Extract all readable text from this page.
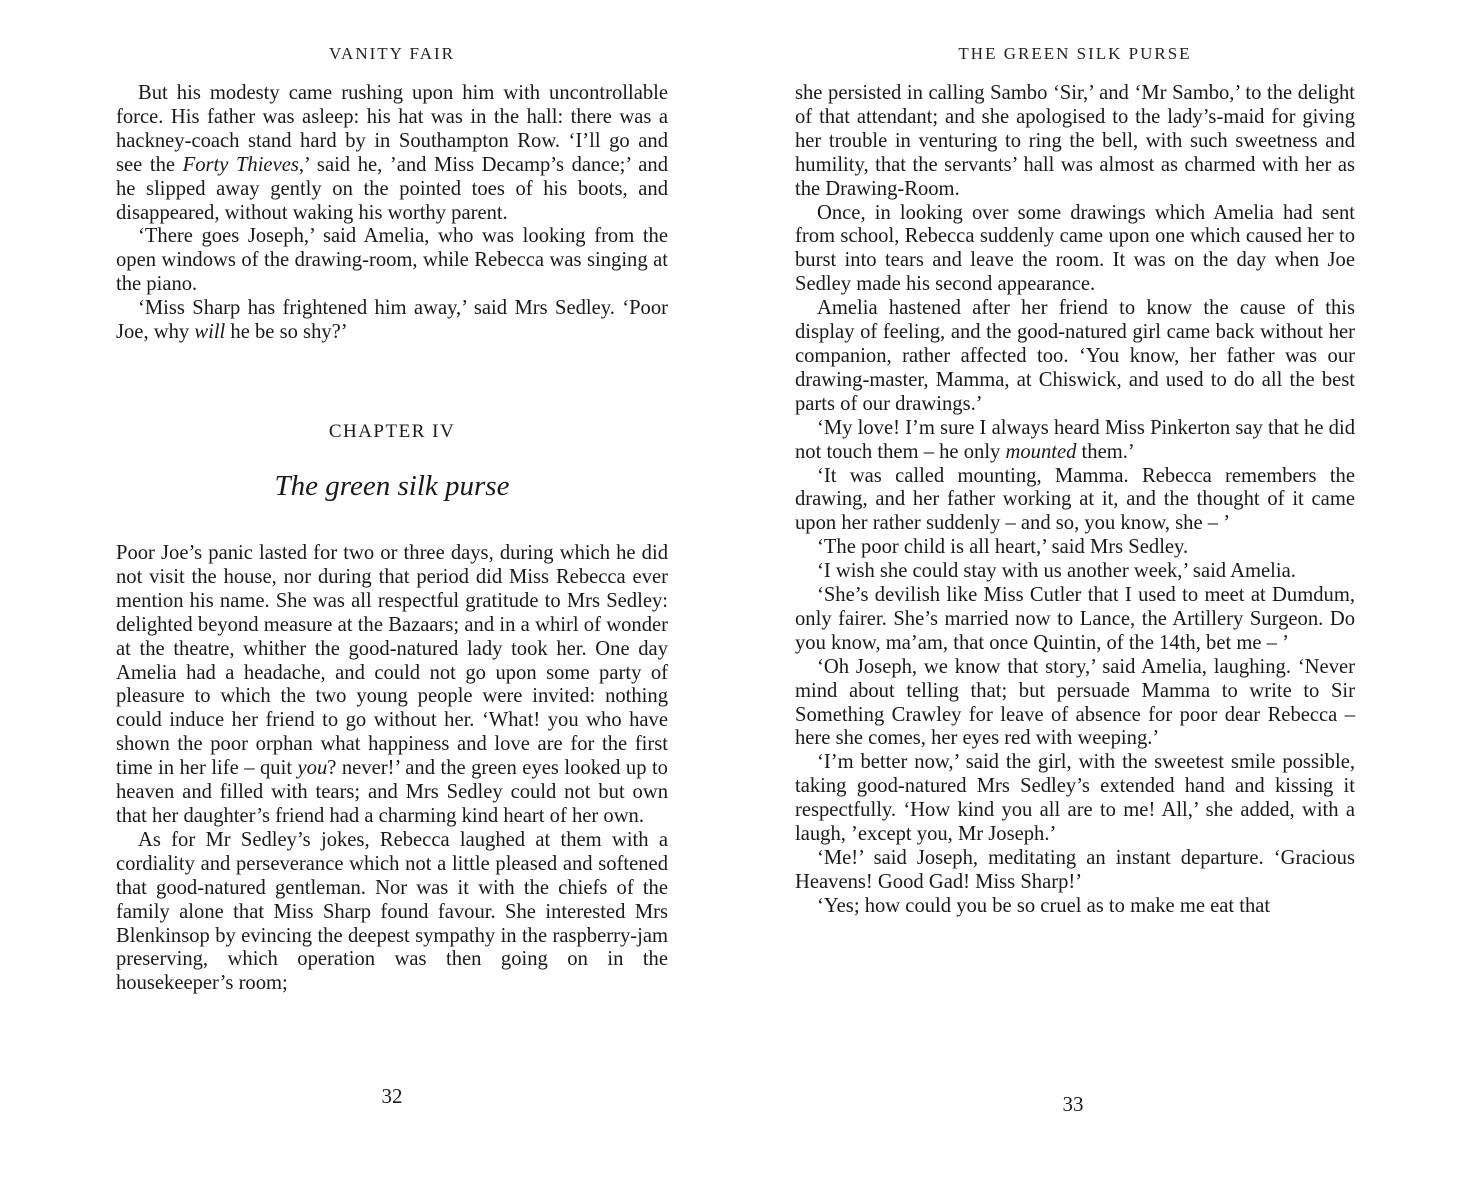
VANITY FAIR

But his modesty came rushing upon him with uncontrollable force. His father was asleep: his hat was in the hall: there was a hackney-coach stand hard by in Southampton Row. ‘I’ll go and see the Forty Thieves,’ said he, ’and Miss Decamp’s dance;’ and he slipped away gently on the pointed toes of his boots, and disappeared, without waking his worthy parent.

‘There goes Joseph,’ said Amelia, who was looking from the open windows of the drawing-room, while Rebecca was singing at the piano.

‘Miss Sharp has frightened him away,’ said Mrs Sedley. ‘Poor Joe, why will he be so shy?’

CHAPTER IV
The green silk purse

Poor Joe’s panic lasted for two or three days, during which he did not visit the house, nor during that period did Miss Rebecca ever mention his name. She was all respectful gratitude to Mrs Sedley: delighted beyond measure at the Bazaars; and in a whirl of wonder at the theatre, whither the good-natured lady took her. One day Amelia had a headache, and could not go upon some party of pleasure to which the two young people were invited: nothing could induce her friend to go without her. ‘What! you who have shown the poor orphan what happiness and love are for the first time in her life – quit you? never!’ and the green eyes looked up to heaven and filled with tears; and Mrs Sedley could not but own that her daughter’s friend had a charming kind heart of her own.

As for Mr Sedley’s jokes, Rebecca laughed at them with a cordiality and perseverance which not a little pleased and softened that good-natured gentleman. Nor was it with the chiefs of the family alone that Miss Sharp found favour. She interested Mrs Blenkinsop by evincing the deepest sympathy in the raspberry-jam preserving, which operation was then going on in the housekeeper’s room;

32
THE GREEN SILK PURSE

she persisted in calling Sambo ‘Sir,’ and ‘Mr Sambo,’ to the delight of that attendant; and she apologised to the lady’s-maid for giving her trouble in venturing to ring the bell, with such sweetness and humility, that the servants’ hall was almost as charmed with her as the Drawing-Room.

Once, in looking over some drawings which Amelia had sent from school, Rebecca suddenly came upon one which caused her to burst into tears and leave the room. It was on the day when Joe Sedley made his second appearance.

Amelia hastened after her friend to know the cause of this display of feeling, and the good-natured girl came back without her companion, rather affected too. ‘You know, her father was our drawing-master, Mamma, at Chiswick, and used to do all the best parts of our drawings.’

‘My love! I’m sure I always heard Miss Pinkerton say that he did not touch them – he only mounted them.’

‘It was called mounting, Mamma. Rebecca remembers the drawing, and her father working at it, and the thought of it came upon her rather suddenly – and so, you know, she – ’

‘The poor child is all heart,’ said Mrs Sedley.

‘I wish she could stay with us another week,’ said Amelia.

‘She’s devilish like Miss Cutler that I used to meet at Dumdum, only fairer. She’s married now to Lance, the Artillery Surgeon. Do you know, ma’am, that once Quintin, of the 14th, bet me – ’

‘Oh Joseph, we know that story,’ said Amelia, laughing. ‘Never mind about telling that; but persuade Mamma to write to Sir Something Crawley for leave of absence for poor dear Rebecca – here she comes, her eyes red with weeping.’

‘I’m better now,’ said the girl, with the sweetest smile possible, taking good-natured Mrs Sedley’s extended hand and kissing it respectfully. ‘How kind you all are to me! All,’ she added, with a laugh, ’except you, Mr Joseph.’

‘Me!’ said Joseph, meditating an instant departure. ‘Gracious Heavens! Good Gad! Miss Sharp!’

‘Yes; how could you be so cruel as to make me eat that

33
